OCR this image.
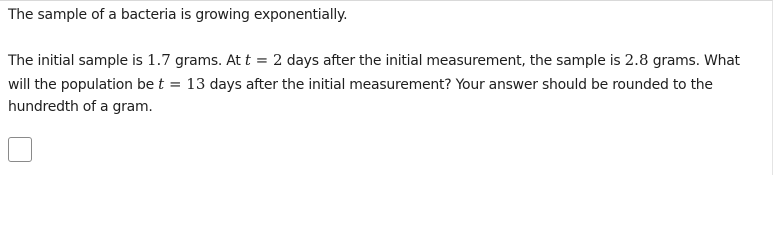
The sample of a bacteria is growing exponentially.
The initial sample is 1.7 grams. At t = 2 days after the initial measurement, the sample is 2.8 grams. What will the population be t = 13 days after the initial measurement? Your answer should be rounded to the hundredth of a gram.
